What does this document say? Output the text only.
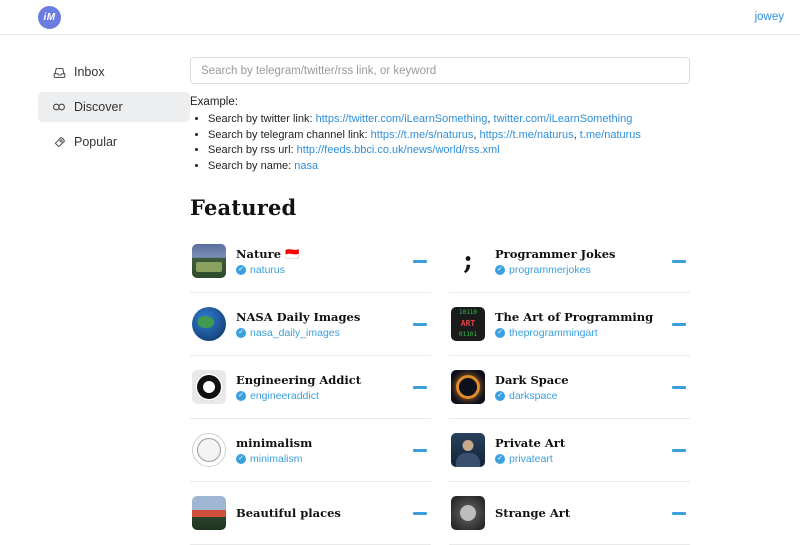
iM	jowey
Inbox
Discover
Popular
Search by telegram/twitter/rss link, or keyword
Example:
• Search by twitter link: https://twitter.com/iLearnSomething, twitter.com/iLearnSomething
• Search by telegram channel link: https://t.me/s/naturus, https://t.me/naturus, t.me/naturus
• Search by rss url: http://feeds.bbci.co.uk/news/world/rss.xml
• Search by name: nasa
Featured
Nature 🇮🇩
✓ naturus	; Programmer Jokes
✓ programmerjokes
NASA Daily Images
✓ nasa_daily_images
10110
ART
01101
The Art of Programming
✓ theprogrammingart
Engineering Addict
✓ engineeraddict
Dark Space
✓ darkspace
minimalism
✓ minimalism
Private Art
✓ privateart
Beautiful places	Strange Art
